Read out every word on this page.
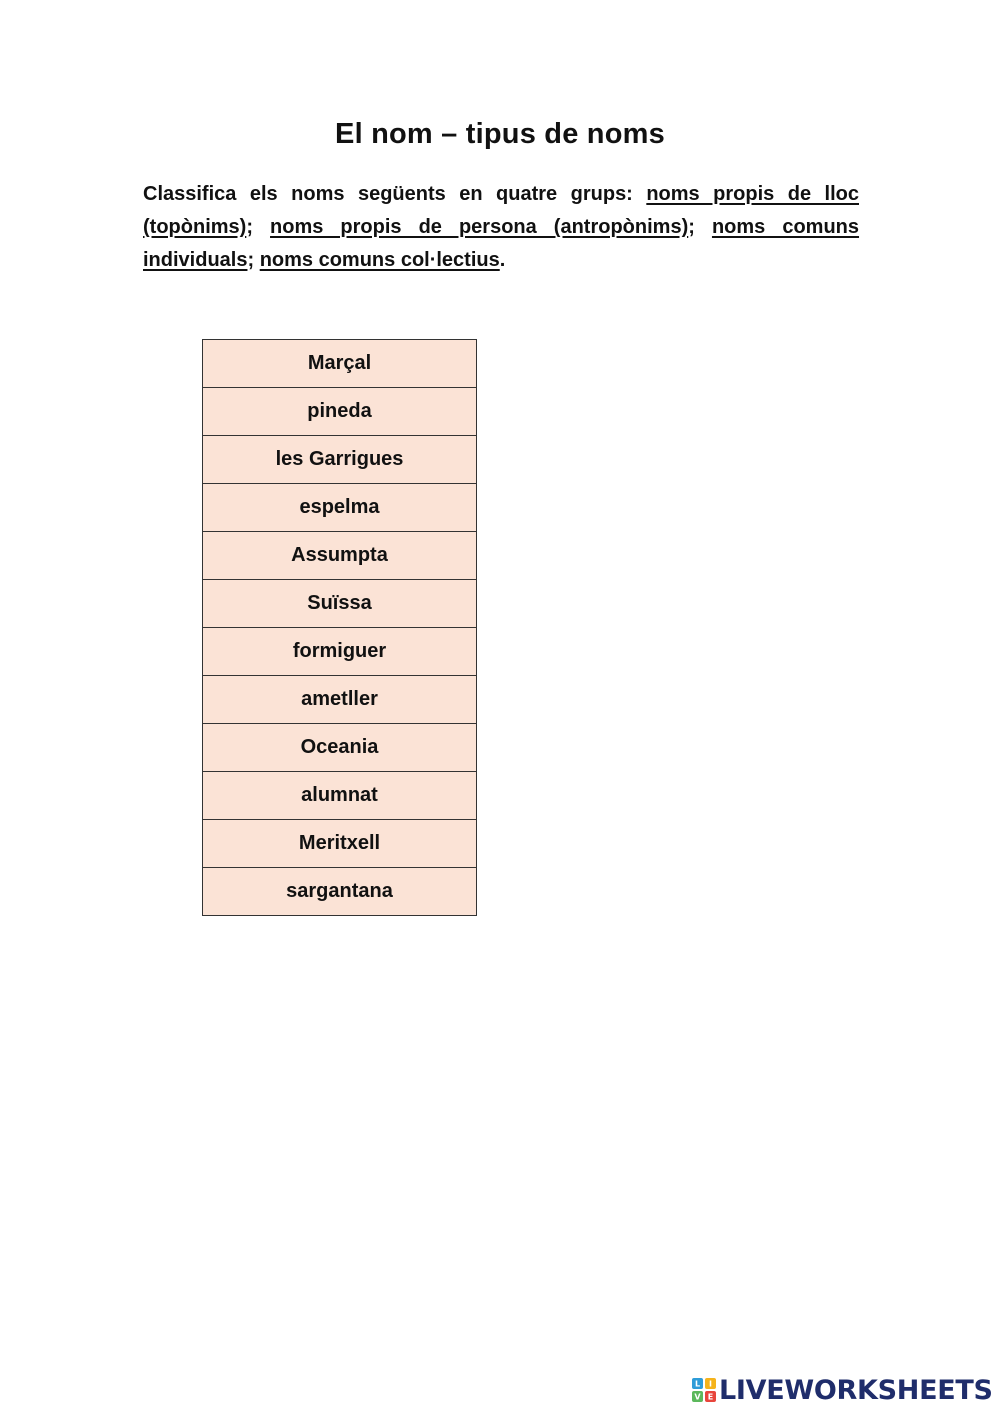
El nom – tipus de noms

Classifica els noms següents en quatre grups: noms propis de lloc (topònims); noms propis de persona (antropònims); noms comuns individuals; noms comuns col·lectius.

Marçal
pineda
les Garrigues
espelma
Assumpta
Suïssa
formiguer
ametller
Oceania
alumnat
Meritxell
sargantana
L I
V E LIVEWORKSHEETS
